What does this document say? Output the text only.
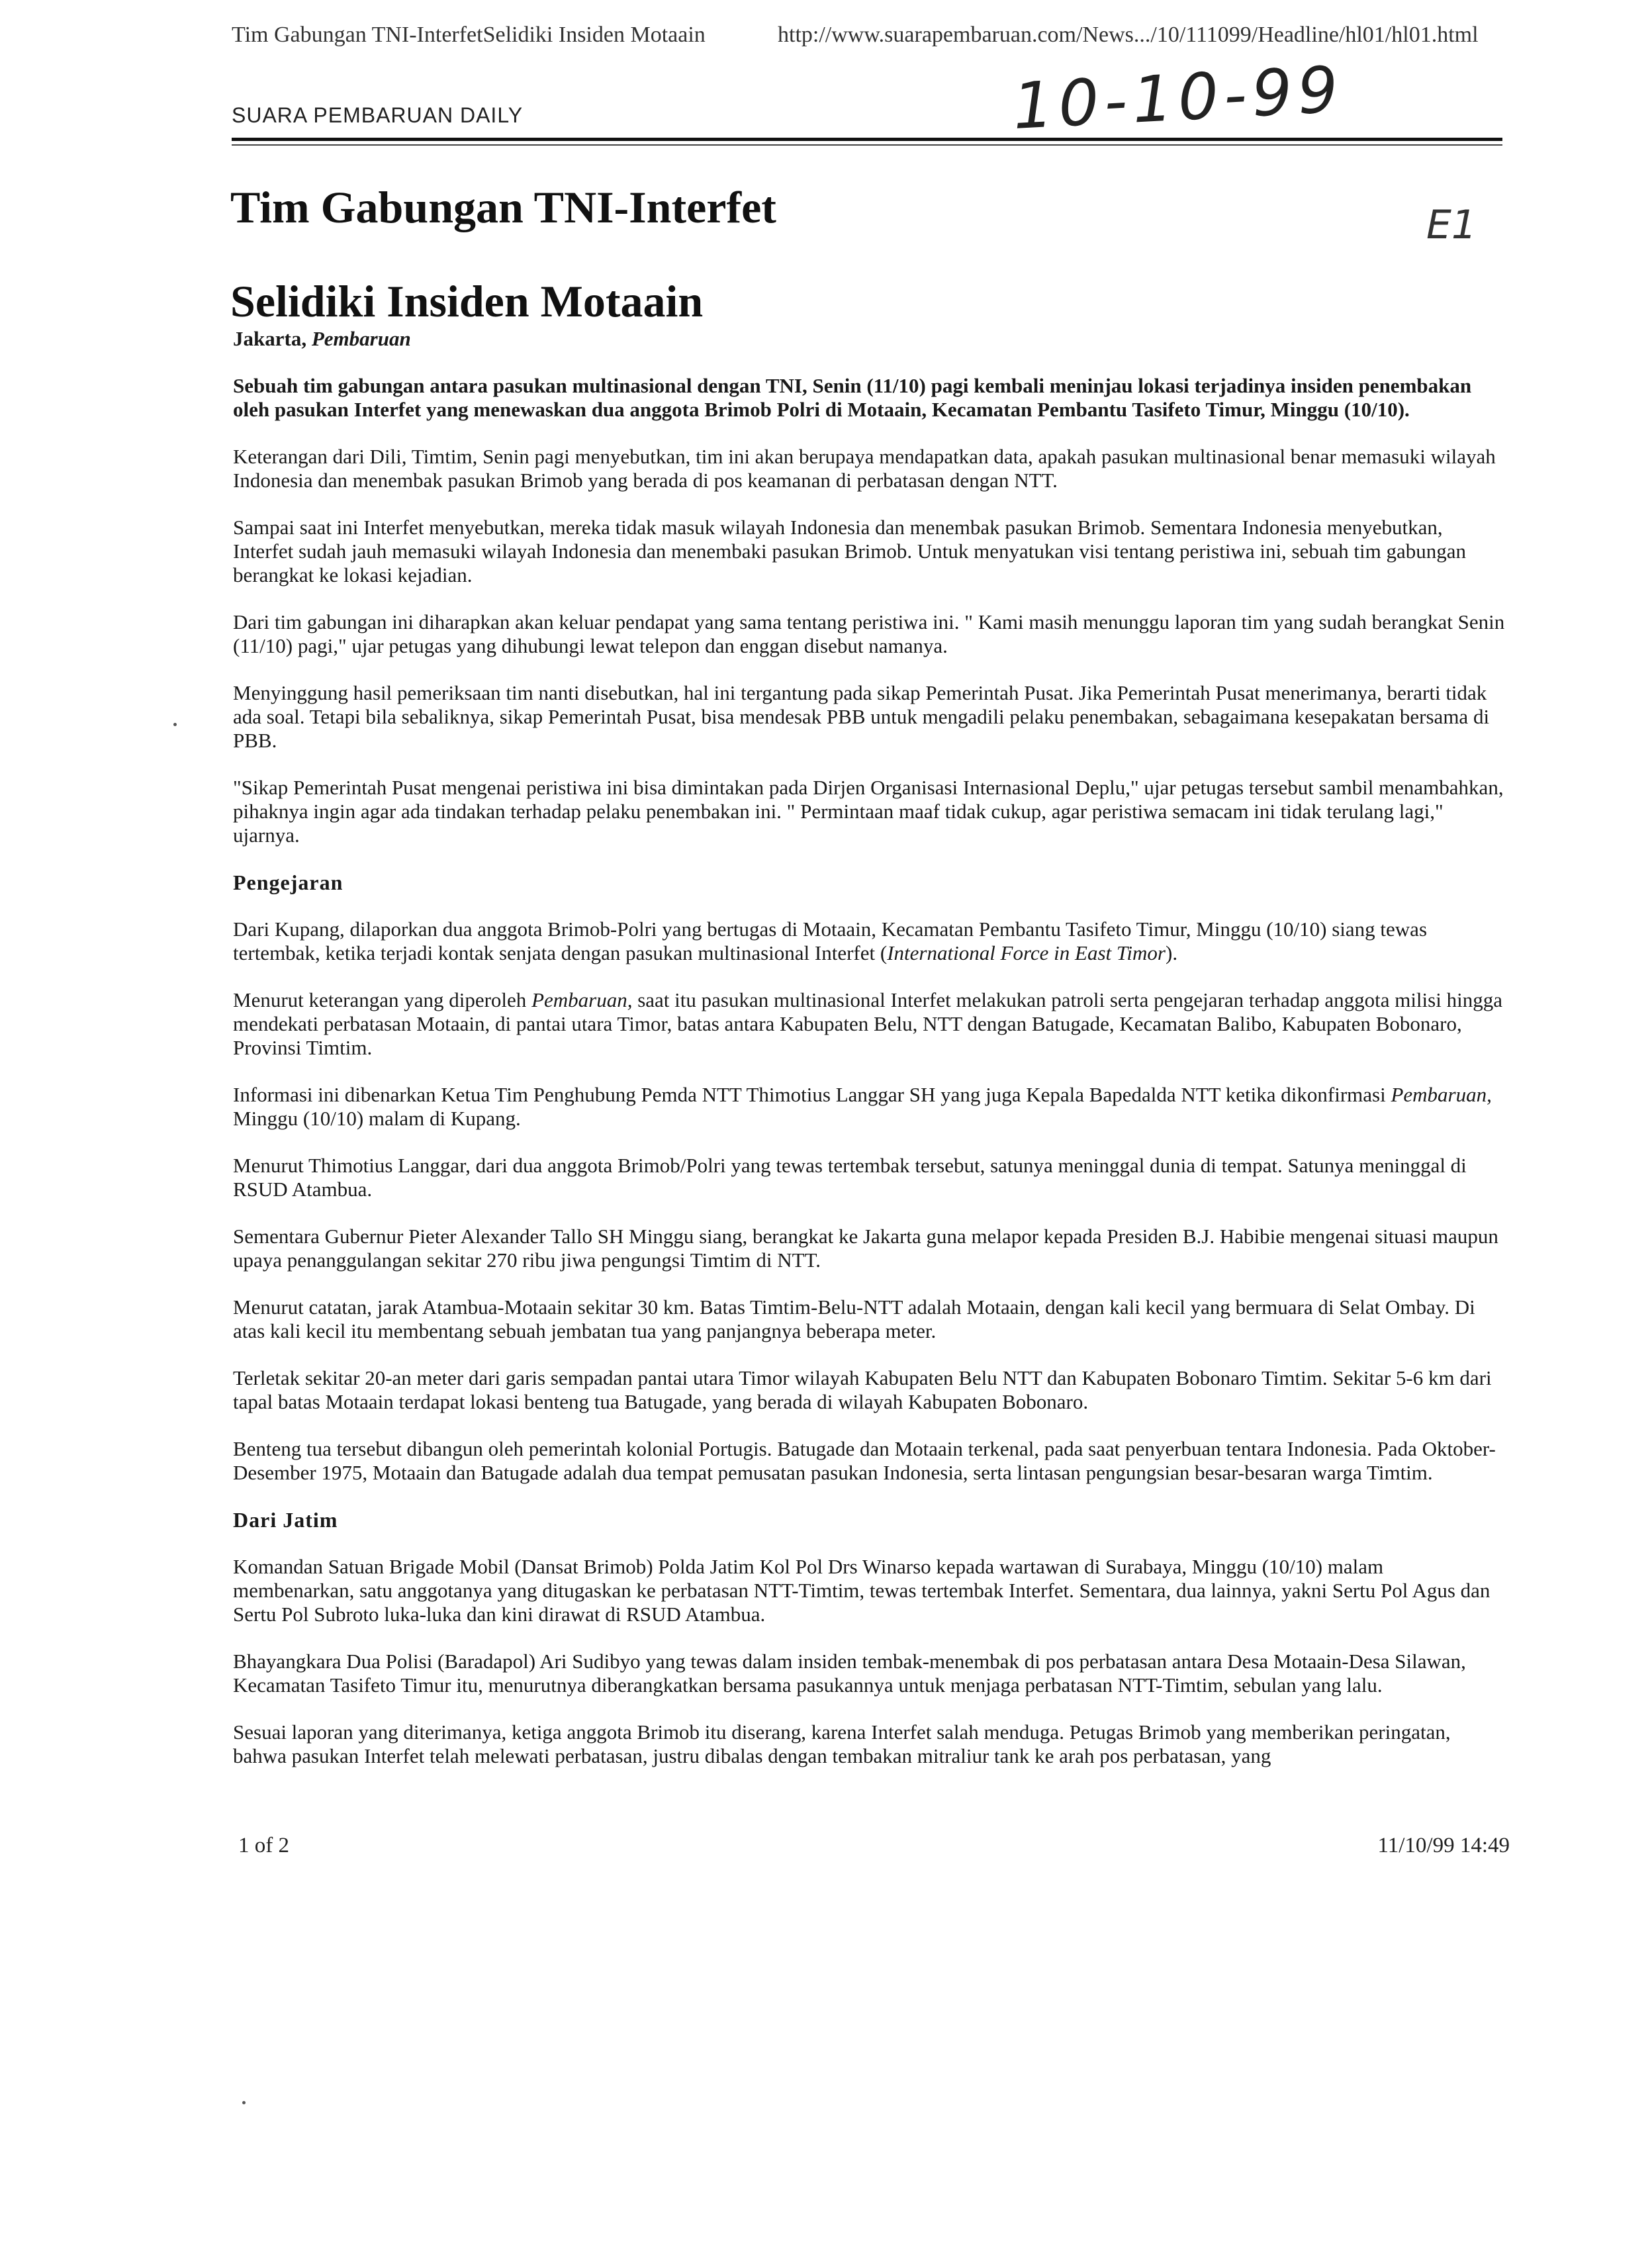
Tim Gabungan TNI-InterfetSelidiki Insiden Motaain	http://www.suarapembaruan.com/News.../10/111099/Headline/hl01/hl01.html
SUARA PEMBARUAN DAILY	10-10-99
Tim Gabungan TNI-Interfet
Selidiki Insiden Motaain
E1

Jakarta, Pembaruan

Sebuah tim gabungan antara pasukan multinasional dengan TNI, Senin (11/10) pagi kembali meninjau lokasi terjadinya insiden penembakan oleh pasukan Interfet yang menewaskan dua anggota Brimob Polri di Motaain, Kecamatan Pembantu Tasifeto Timur, Minggu (10/10).

Keterangan dari Dili, Timtim, Senin pagi menyebutkan, tim ini akan berupaya mendapatkan data, apakah pasukan multinasional benar memasuki wilayah Indonesia dan menembak pasukan Brimob yang berada di pos keamanan di perbatasan dengan NTT.

Sampai saat ini Interfet menyebutkan, mereka tidak masuk wilayah Indonesia dan menembak pasukan Brimob. Sementara Indonesia menyebutkan, Interfet sudah jauh memasuki wilayah Indonesia dan menembaki pasukan Brimob. Untuk menyatukan visi tentang peristiwa ini, sebuah tim gabungan berangkat ke lokasi kejadian.

Dari tim gabungan ini diharapkan akan keluar pendapat yang sama tentang peristiwa ini. " Kami masih menunggu laporan tim yang sudah berangkat Senin (11/10) pagi," ujar petugas yang dihubungi lewat telepon dan enggan disebut namanya.

Menyinggung hasil pemeriksaan tim nanti disebutkan, hal ini tergantung pada sikap Pemerintah Pusat. Jika Pemerintah Pusat menerimanya, berarti tidak ada soal. Tetapi bila sebaliknya, sikap Pemerintah Pusat, bisa mendesak PBB untuk mengadili pelaku penembakan, sebagaimana kesepakatan bersama di PBB.

"Sikap Pemerintah Pusat mengenai peristiwa ini bisa dimintakan pada Dirjen Organisasi Internasional Deplu," ujar petugas tersebut sambil menambahkan, pihaknya ingin agar ada tindakan terhadap pelaku penembakan ini. " Permintaan maaf tidak cukup, agar peristiwa semacam ini tidak terulang lagi," ujarnya.

Pengejaran

Dari Kupang, dilaporkan dua anggota Brimob-Polri yang bertugas di Motaain, Kecamatan Pembantu Tasifeto Timur, Minggu (10/10) siang tewas tertembak, ketika terjadi kontak senjata dengan pasukan multinasional Interfet (International Force in East Timor).

Menurut keterangan yang diperoleh Pembaruan, saat itu pasukan multinasional Interfet melakukan patroli serta pengejaran terhadap anggota milisi hingga mendekati perbatasan Motaain, di pantai utara Timor, batas antara Kabupaten Belu, NTT dengan Batugade, Kecamatan Balibo, Kabupaten Bobonaro, Provinsi Timtim.

Informasi ini dibenarkan Ketua Tim Penghubung Pemda NTT Thimotius Langgar SH yang juga Kepala Bapedalda NTT ketika dikonfirmasi Pembaruan, Minggu (10/10) malam di Kupang.

Menurut Thimotius Langgar, dari dua anggota Brimob/Polri yang tewas tertembak tersebut, satunya meninggal dunia di tempat. Satunya meninggal di RSUD Atambua.

Sementara Gubernur Pieter Alexander Tallo SH Minggu siang, berangkat ke Jakarta guna melapor kepada Presiden B.J. Habibie mengenai situasi maupun upaya penanggulangan sekitar 270 ribu jiwa pengungsi Timtim di NTT.

Menurut catatan, jarak Atambua-Motaain sekitar 30 km. Batas Timtim-Belu-NTT adalah Motaain, dengan kali kecil yang bermuara di Selat Ombay. Di atas kali kecil itu membentang sebuah jembatan tua yang panjangnya beberapa meter.

Terletak sekitar 20-an meter dari garis sempadan pantai utara Timor wilayah Kabupaten Belu NTT dan Kabupaten Bobonaro Timtim. Sekitar 5-6 km dari tapal batas Motaain terdapat lokasi benteng tua Batugade, yang berada di wilayah Kabupaten Bobonaro.

Benteng tua tersebut dibangun oleh pemerintah kolonial Portugis. Batugade dan Motaain terkenal, pada saat penyerbuan tentara Indonesia. Pada Oktober-Desember 1975, Motaain dan Batugade adalah dua tempat pemusatan pasukan Indonesia, serta lintasan pengungsian besar-besaran warga Timtim.

Dari Jatim

Komandan Satuan Brigade Mobil (Dansat Brimob) Polda Jatim Kol Pol Drs Winarso kepada wartawan di Surabaya, Minggu (10/10) malam membenarkan, satu anggotanya yang ditugaskan ke perbatasan NTT-Timtim, tewas tertembak Interfet. Sementara, dua lainnya, yakni Sertu Pol Agus dan Sertu Pol Subroto luka-luka dan kini dirawat di RSUD Atambua.

Bhayangkara Dua Polisi (Baradapol) Ari Sudibyo yang tewas dalam insiden tembak-menembak di pos perbatasan antara Desa Motaain-Desa Silawan, Kecamatan Tasifeto Timur itu, menurutnya diberangkatkan bersama pasukannya untuk menjaga perbatasan NTT-Timtim, sebulan yang lalu.

Sesuai laporan yang diterimanya, ketiga anggota Brimob itu diserang, karena Interfet salah menduga. Petugas Brimob yang memberikan peringatan, bahwa pasukan Interfet telah melewati perbatasan, justru dibalas dengan tembakan mitraliur tank ke arah pos perbatasan, yang

1 of 2	11/10/99 14:49
